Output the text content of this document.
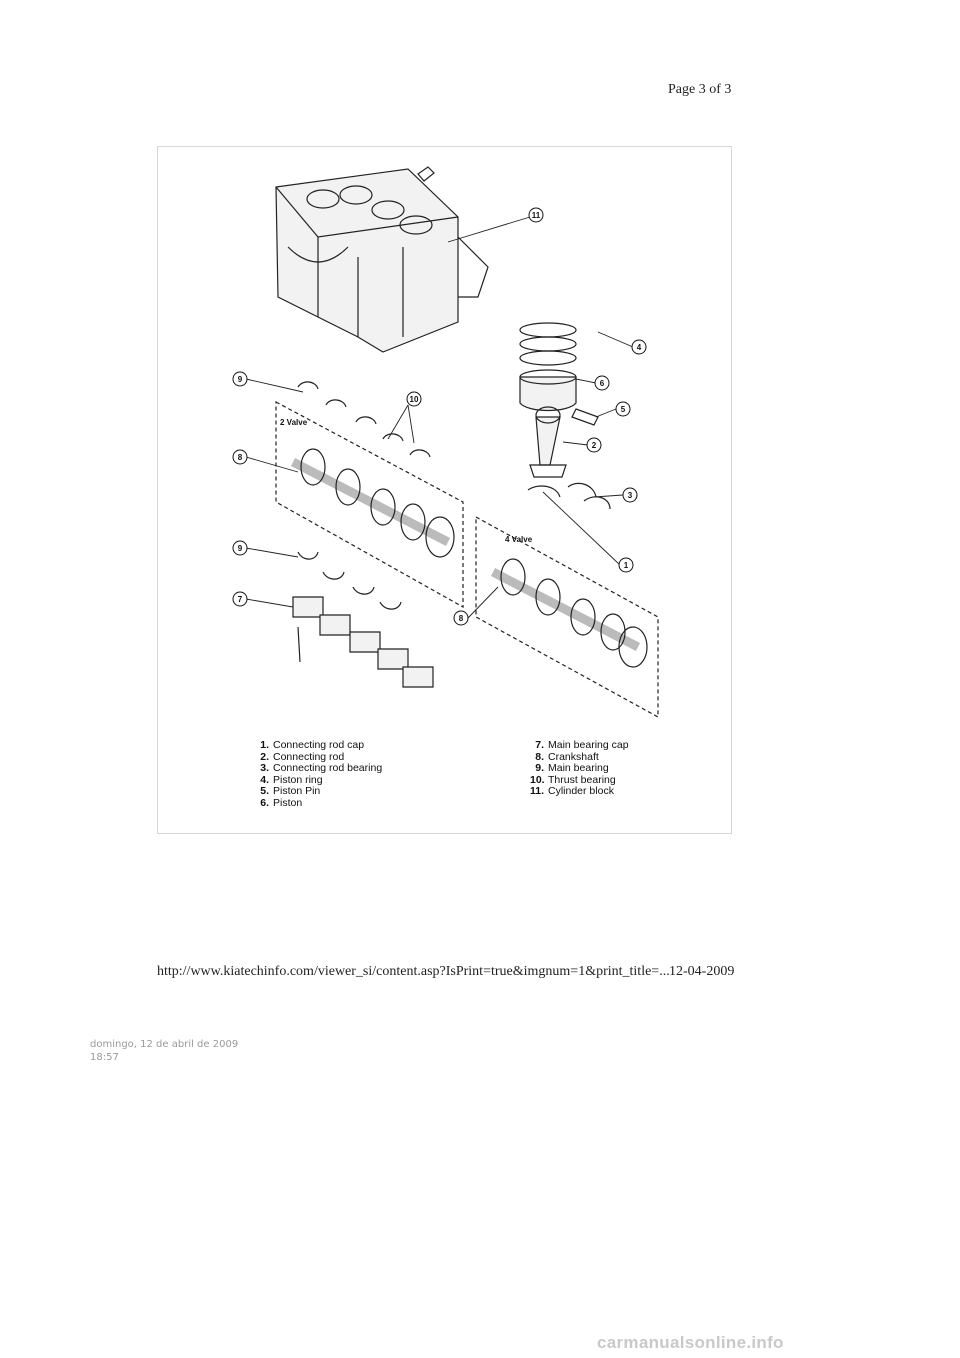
Page 3 of 3
11
4
6
5
2
3
1
9
10
8
9
7
8
2 Valve
4 Valve
1. Connecting rod cap
2. Connecting rod
3. Connecting rod bearing
4. Piston ring
5. Piston Pin
6. Piston
7. Main bearing cap
8. Crankshaft
9. Main bearing
10. Thrust bearing
11. Cylinder block
http://www.kiatechinfo.com/viewer_si/content.asp?IsPrint=true&imgnum=1&print_title=... 12-04-2009
domingo, 12 de abril de 2009
18:57
carmanualsonline.info
